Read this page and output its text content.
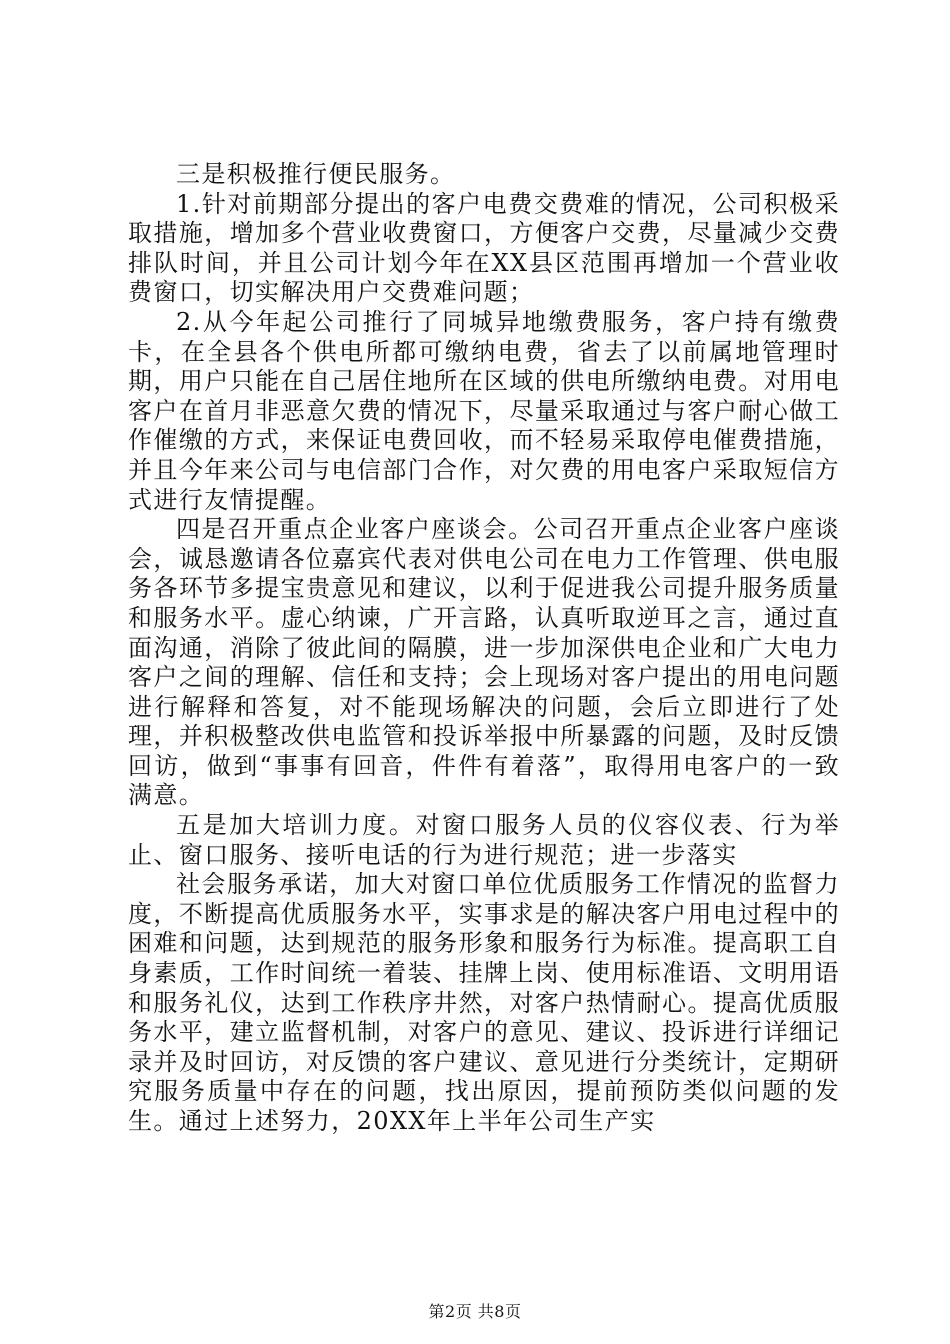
三是积极推行便民服务。

1.针对前期部分提出的客户电费交费难的情况，公司积极采取措施，增加多个营业收费窗口，方便客户交费，尽量减少交费排队时间，并且公司计划今年在XX县区范围再增加一个营业收费窗口，切实解决用户交费难问题；

2.从今年起公司推行了同城异地缴费服务，客户持有缴费卡，在全县各个供电所都可缴纳电费，省去了以前属地管理时期，用户只能在自己居住地所在区域的供电所缴纳电费。对用电客户在首月非恶意欠费的情况下，尽量采取通过与客户耐心做工作催缴的方式，来保证电费回收，而不轻易采取停电催费措施，并且今年来公司与电信部门合作，对欠费的用电客户采取短信方式进行友情提醒。

四是召开重点企业客户座谈会。公司召开重点企业客户座谈会，诚恳邀请各位嘉宾代表对供电公司在电力工作管理、供电服务各环节多提宝贵意见和建议，以利于促进我公司提升服务质量和服务水平。虚心纳谏，广开言路，认真听取逆耳之言，通过直面沟通，消除了彼此间的隔膜，进一步加深供电企业和广大电力客户之间的理解、信任和支持；会上现场对客户提出的用电问题进行解释和答复，对不能现场解决的问题，会后立即进行了处理，并积极整改供电监管和投诉举报中所暴露的问题，及时反馈回访，做到“事事有回音，件件有着落”，取得用电客户的一致满意。

五是加大培训力度。对窗口服务人员的仪容仪表、行为举止、窗口服务、接听电话的行为进行规范；进一步落实

社会服务承诺，加大对窗口单位优质服务工作情况的监督力度，不断提高优质服务水平，实事求是的解决客户用电过程中的困难和问题，达到规范的服务形象和服务行为标准。提高职工自身素质，工作时间统一着装、挂牌上岗、使用标准语、文明用语和服务礼仪，达到工作秩序井然，对客户热情耐心。提高优质服务水平，建立监督机制，对客户的意见、建议、投诉进行详细记录并及时回访，对反馈的客户建议、意见进行分类统计，定期研究服务质量中存在的问题，找出原因，提前预防类似问题的发生。通过上述努力，20XX年上半年公司生产实

第2页 共8页
